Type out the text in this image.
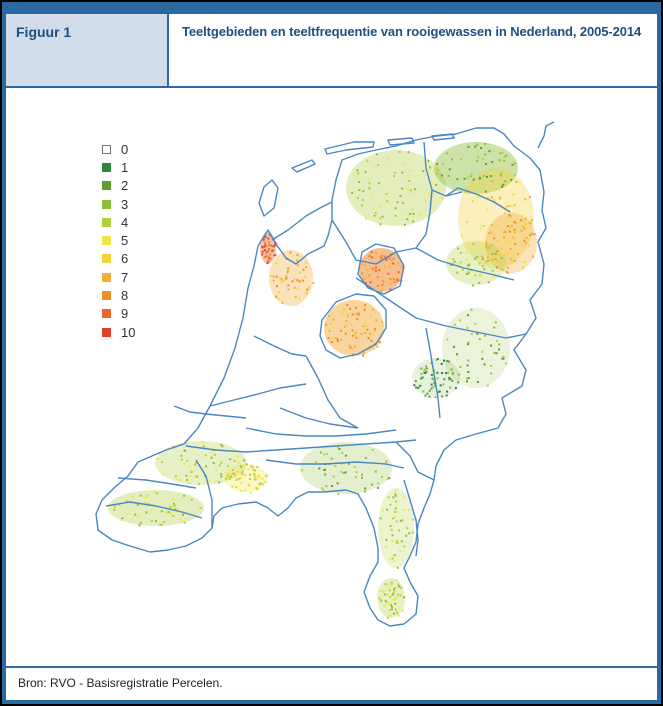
Figuur 1	Teeltgebieden en teeltfrequentie van rooigewassen in Nederland, 2005-2014
0
1
2
3
4
5
6
7
8
9
10
Bron: RVO - Basisregistratie Percelen.
